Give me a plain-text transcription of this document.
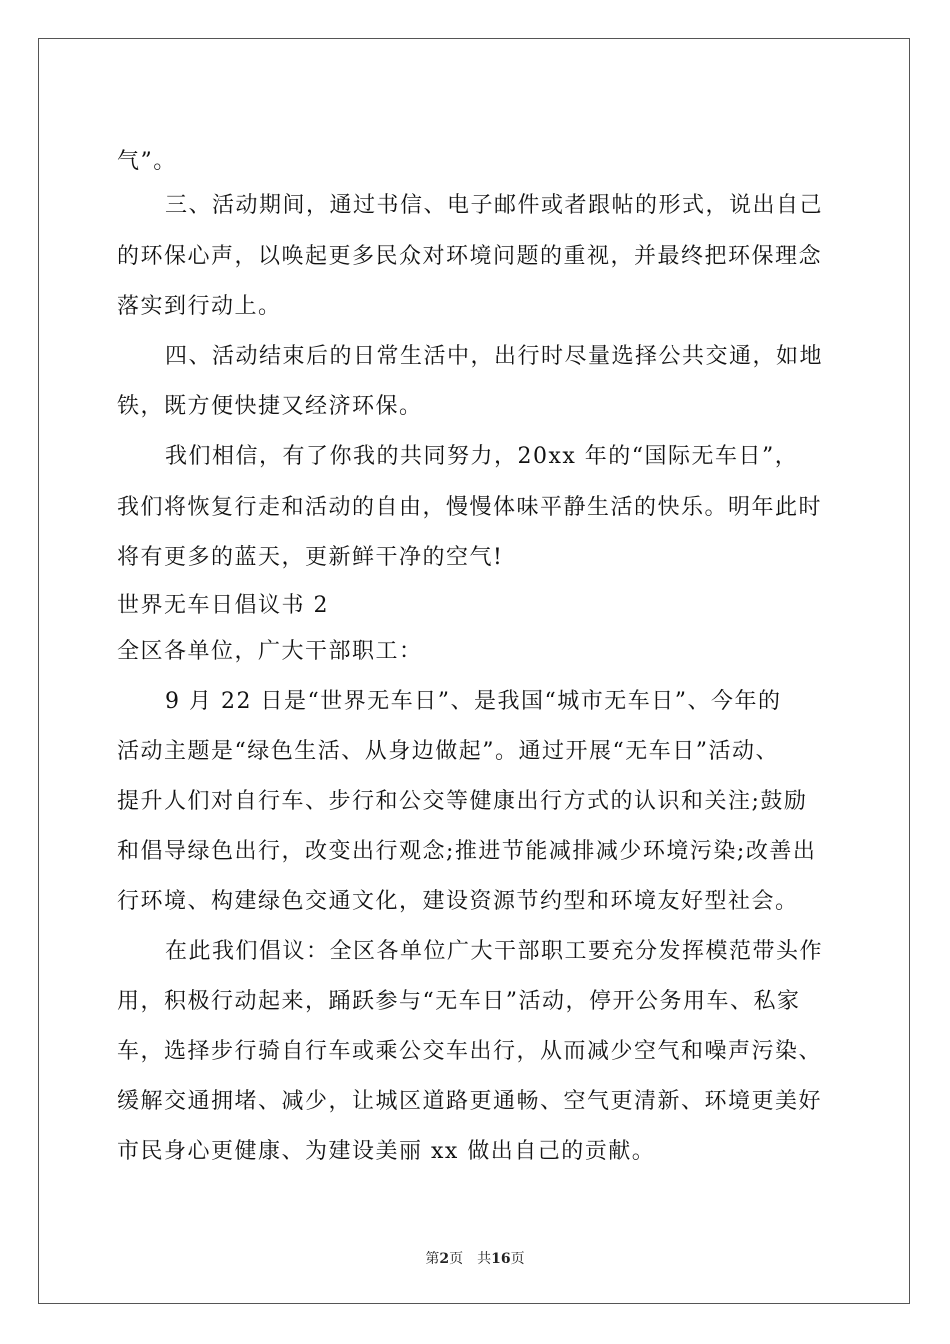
气”。
三、活动期间，通过书信、电子邮件或者跟帖的形式，说出自己
的环保心声，以唤起更多民众对环境问题的重视，并最终把环保理念
落实到行动上。
四、活动结束后的日常生活中，出行时尽量选择公共交通，如地
铁，既方便快捷又经济环保。
我们相信，有了你我的共同努力，20xx 年的“国际无车日”，
我们将恢复行走和活动的自由，慢慢体味平静生活的快乐。明年此时
将有更多的蓝天，更新鲜干净的空气!
世界无车日倡议书 2
全区各单位，广大干部职工：
9 月 22 日是“世界无车日”、是我国“城市无车日”、今年的
活动主题是“绿色生活、从身边做起”。通过开展“无车日”活动、
提升人们对自行车、步行和公交等健康出行方式的认识和关注;鼓励
和倡导绿色出行，改变出行观念;推进节能减排减少环境污染;改善出
行环境、构建绿色交通文化，建设资源节约型和环境友好型社会。
在此我们倡议：全区各单位广大干部职工要充分发挥模范带头作
用，积极行动起来，踊跃参与“无车日”活动，停开公务用车、私家
车，选择步行骑自行车或乘公交车出行，从而减少空气和噪声污染、
缓解交通拥堵、减少，让城区道路更通畅、空气更清新、环境更美好
市民身心更健康、为建设美丽 xx 做出自己的贡献。
第2页　共16页
